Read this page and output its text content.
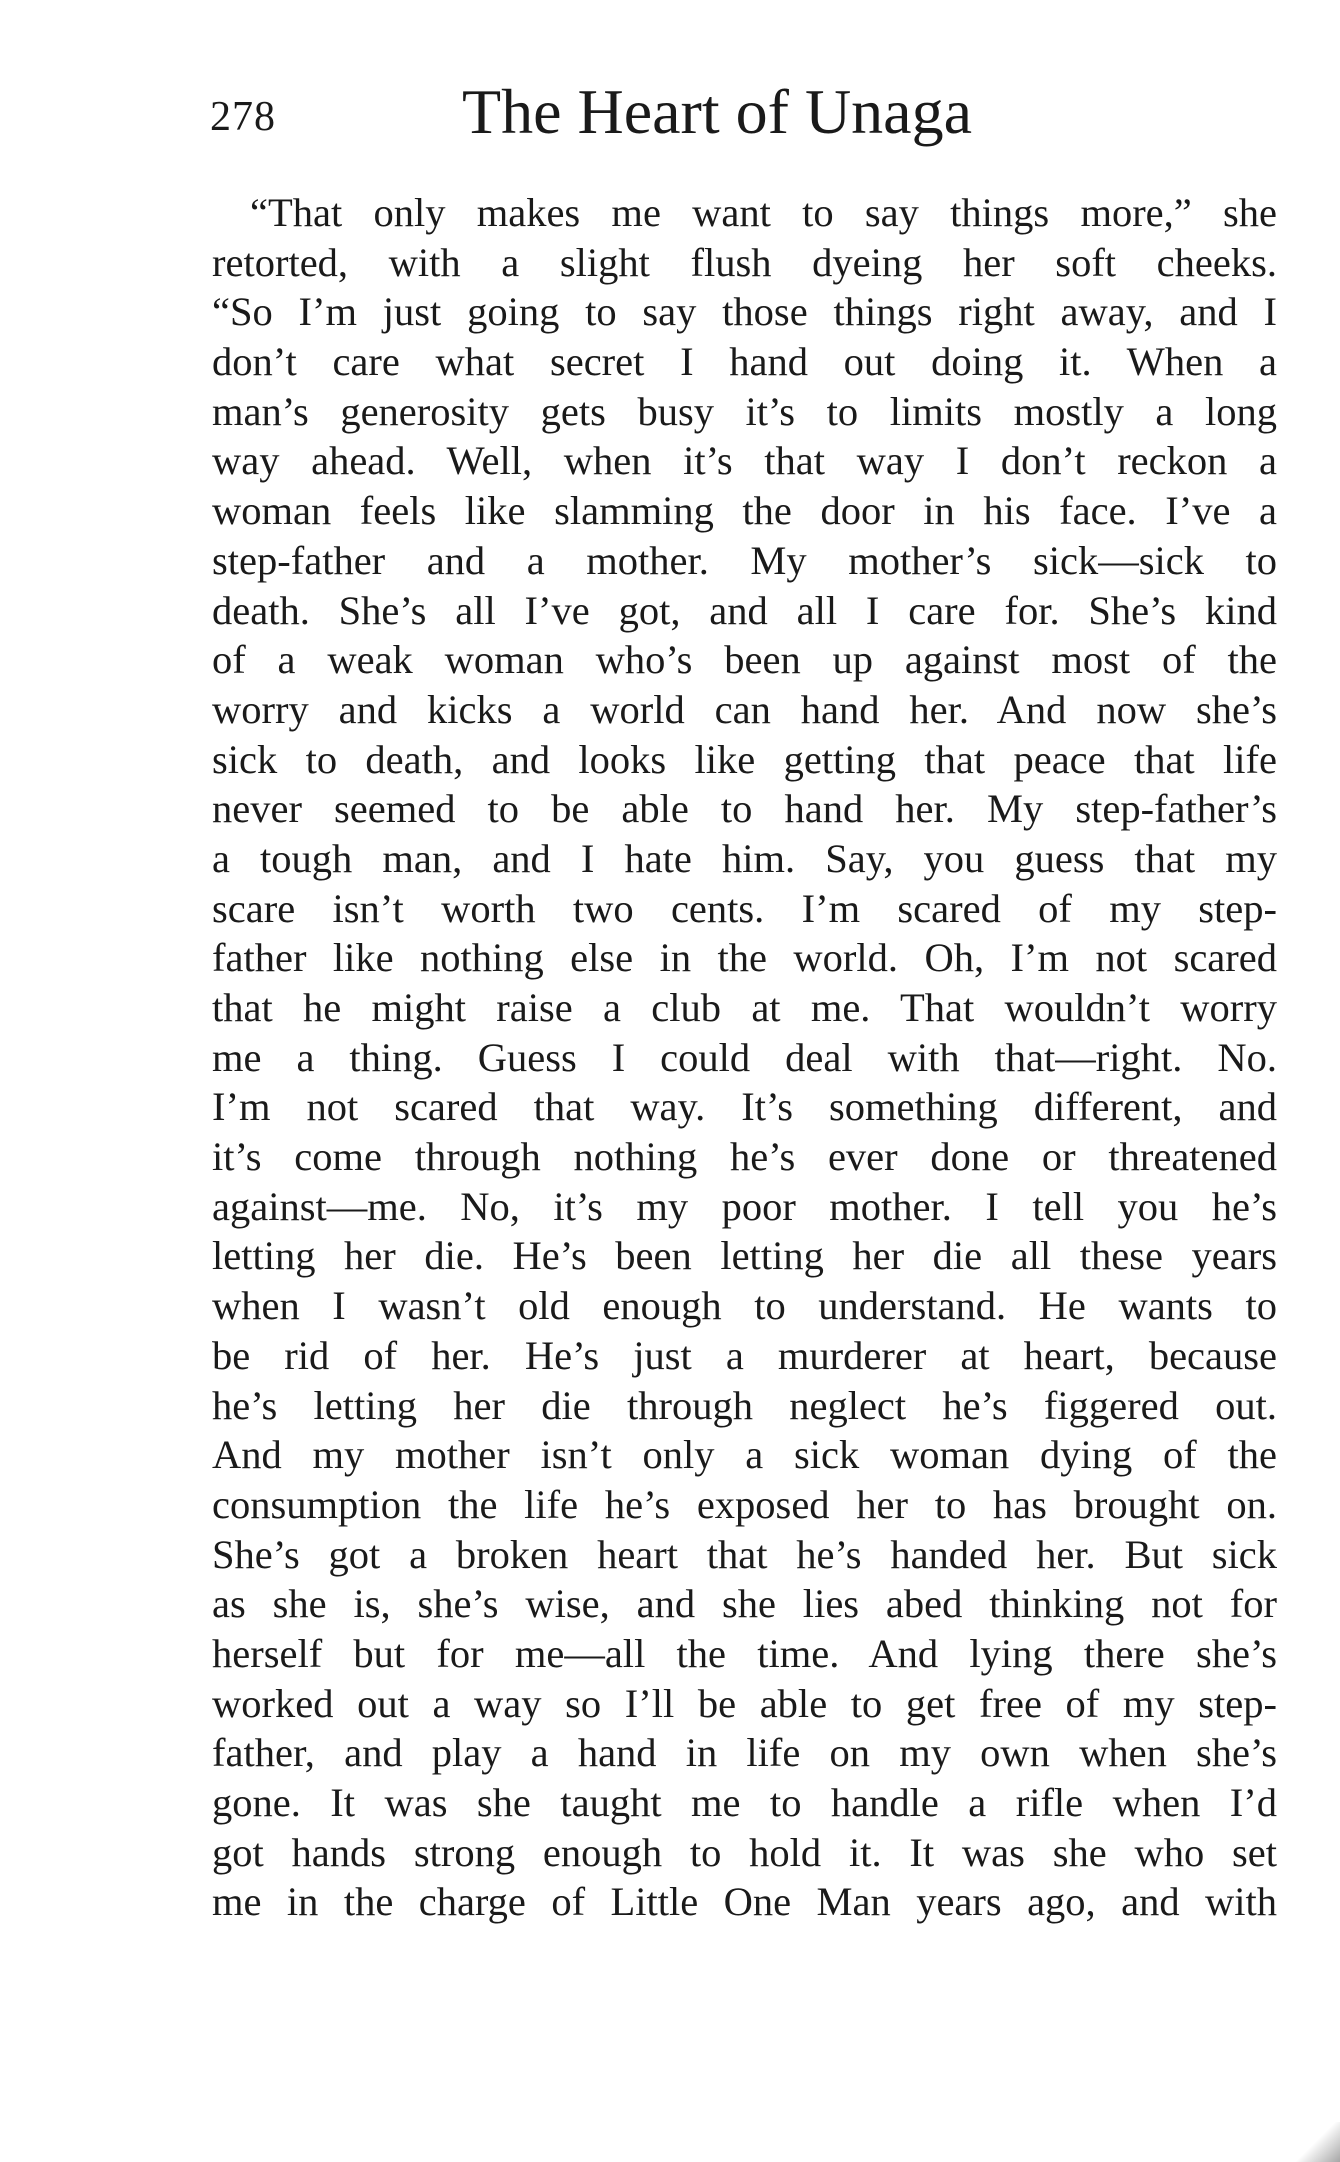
278	The Heart of Unaga
“That only makes me want to say things more,” she
retorted, with a slight flush dyeing her soft cheeks.
“So I’m just going to say those things right away, and I
don’t care what secret I hand out doing it. When a
man’s generosity gets busy it’s to limits mostly a long
way ahead. Well, when it’s that way I don’t reckon a
woman feels like slamming the door in his face. I’ve a
step-father and a mother. My mother’s sick—sick to
death. She’s all I’ve got, and all I care for. She’s kind
of a weak woman who’s been up against most of the
worry and kicks a world can hand her. And now she’s
sick to death, and looks like getting that peace that life
never seemed to be able to hand her. My step-father’s
a tough man, and I hate him. Say, you guess that my
scare isn’t worth two cents. I’m scared of my step-
father like nothing else in the world. Oh, I’m not scared
that he might raise a club at me. That wouldn’t worry
me a thing. Guess I could deal with that—right. No.
I’m not scared that way. It’s something different, and
it’s come through nothing he’s ever done or threatened
against—me. No, it’s my poor mother. I tell you he’s
letting her die. He’s been letting her die all these years
when I wasn’t old enough to understand. He wants to
be rid of her. He’s just a murderer at heart, because
he’s letting her die through neglect he’s figgered out.
And my mother isn’t only a sick woman dying of the
consumption the life he’s exposed her to has brought on.
She’s got a broken heart that he’s handed her. But sick
as she is, she’s wise, and she lies abed thinking not for
herself but for me—all the time. And lying there she’s
worked out a way so I’ll be able to get free of my step-
father, and play a hand in life on my own when she’s
gone. It was she taught me to handle a rifle when I’d
got hands strong enough to hold it. It was she who set
me in the charge of Little One Man years ago, and with
